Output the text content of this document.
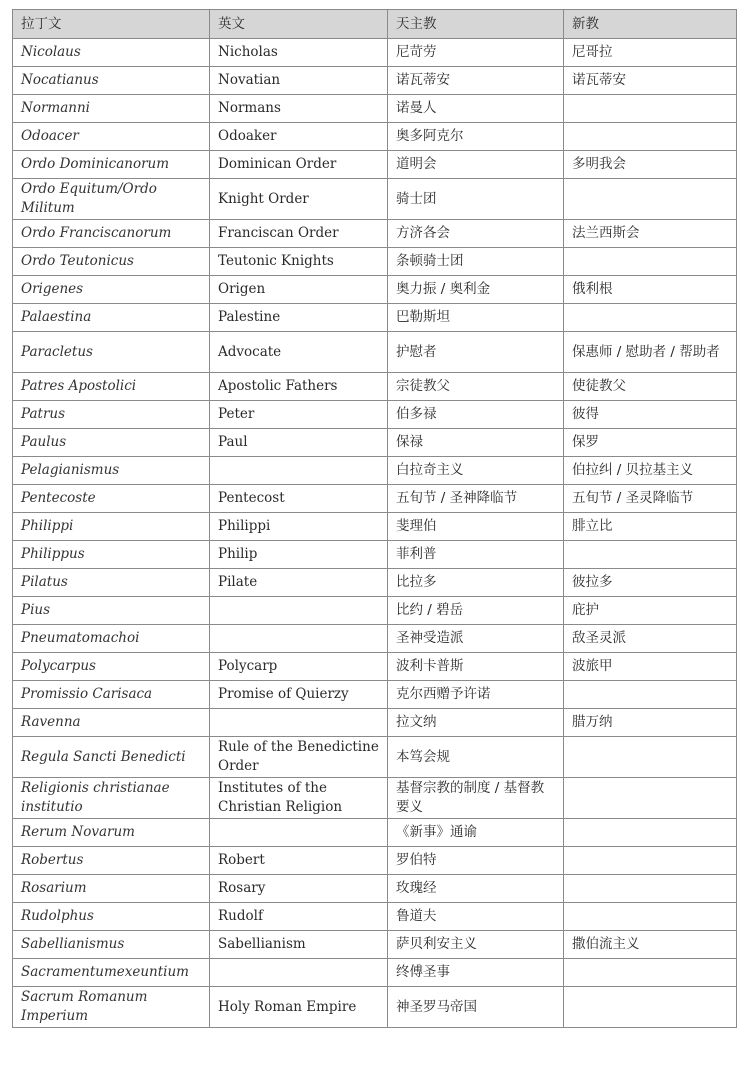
拉丁文	英文	天主教	新教
Nicolaus	Nicholas	尼苛劳	尼哥拉
Nocatianus	Novatian	诺瓦蒂安	诺瓦蒂安
Normanni	Normans	诺曼人	
Odoacer	Odoaker	奥多阿克尔	
Ordo Dominicanorum	Dominican Order	道明会	多明我会
Ordo Equitum/Ordo Militum	Knight Order	骑士团	
Ordo Franciscanorum	Franciscan Order	方济各会	法兰西斯会
Ordo Teutonicus	Teutonic Knights	条顿骑士团	
Origenes	Origen	奥力振 / 奥利金	俄利根
Palaestina	Palestine	巴勒斯坦	
Paracletus	Advocate	护慰者	保惠师 / 慰助者 / 帮助者
Patres Apostolici	Apostolic Fathers	宗徒教父	使徒教父
Patrus	Peter	伯多禄	彼得
Paulus	Paul	保禄	保罗
Pelagianismus		白拉奇主义	伯拉纠 / 贝拉基主义
Pentecoste	Pentecost	五旬节 / 圣神降临节	五旬节 / 圣灵降临节
Philippi	Philippi	斐理伯	腓立比
Philippus	Philip	菲利普	
Pilatus	Pilate	比拉多	彼拉多
Pius		比约 / 碧岳	庇护
Pneumatomachoi		圣神受造派	敌圣灵派
Polycarpus	Polycarp	波利卡普斯	波旅甲
Promissio Carisaca	Promise of Quierzy	克尔西赠予许诺	
Ravenna		拉文纳	腊万纳
Regula Sancti Benedicti	Rule of the Benedictine Order	本笃会规	
Religionis christianae institutio	Institutes of the Christian Religion	基督宗教的制度 / 基督教要义	
Rerum Novarum		《新事》通谕	
Robertus	Robert	罗伯特	
Rosarium	Rosary	玫瑰经	
Rudolphus	Rudolf	鲁道夫	
Sabellianismus	Sabellianism	萨贝利安主义	撒伯流主义
Sacramentumexeuntium		终傅圣事	
Sacrum Romanum Imperium	Holy Roman Empire	神圣罗马帝国	
